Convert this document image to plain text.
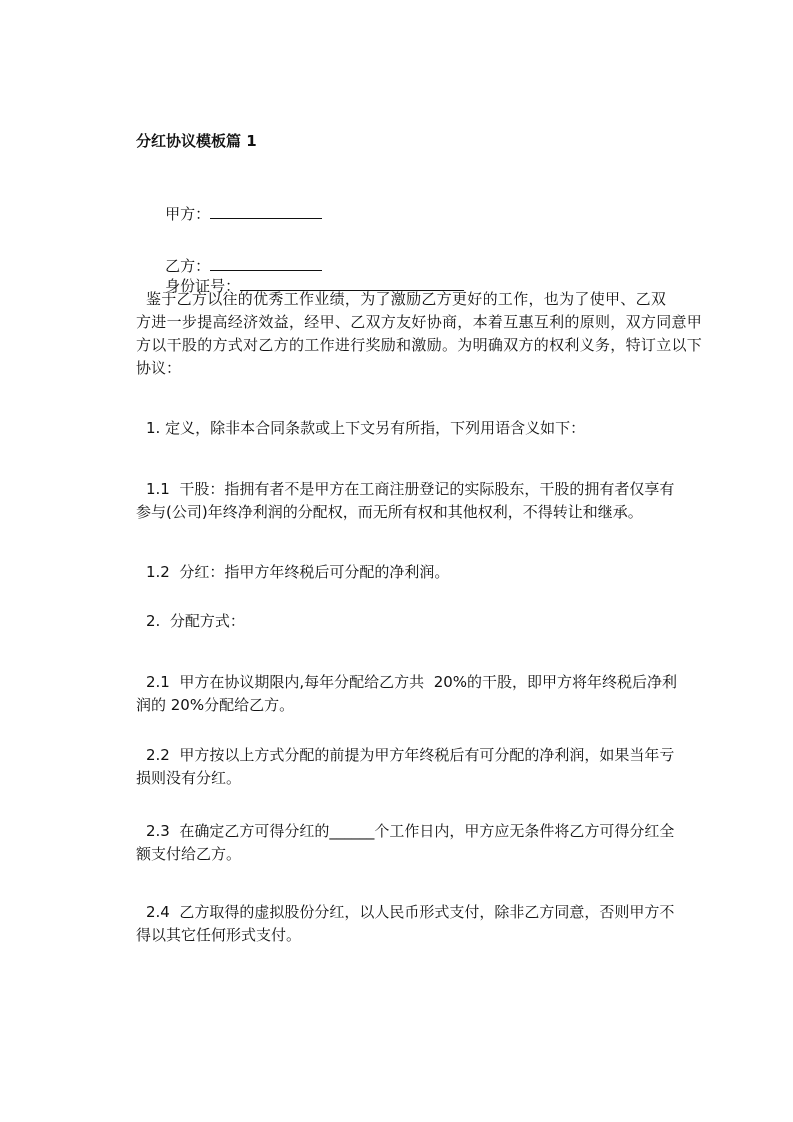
分红协议模板篇 1

甲方：

乙方：
身份证号：

鉴于乙方以往的优秀工作业绩，为了激励乙方更好的工作，也为了使甲、乙双
方进一步提高经济效益，经甲、乙双方友好协商，本着互惠互利的原则，双方同意甲
方以干股的方式对乙方的工作进行奖励和激励。为明确双方的权利义务，特订立以下
协议：
1. 定义，除非本合同条款或上下文另有所指，下列用语含义如下：
1.1  干股：指拥有者不是甲方在工商注册登记的实际股东，干股的拥有者仅享有
参与(公司)年终净利润的分配权，而无所有权和其他权利，不得转让和继承。
1.2  分红：指甲方年终税后可分配的净利润。
2.  分配方式：
2.1  甲方在协议期限内,每年分配给乙方共  20%的干股，即甲方将年终税后净利
润的 20%分配给乙方。
2.2  甲方按以上方式分配的前提为甲方年终税后有可分配的净利润，如果当年亏
损则没有分红。
2.3  在确定乙方可得分红的______个工作日内，甲方应无条件将乙方可得分红全
额支付给乙方。
2.4  乙方取得的虚拟股份分红，以人民币形式支付，除非乙方同意，否则甲方不
得以其它任何形式支付。
